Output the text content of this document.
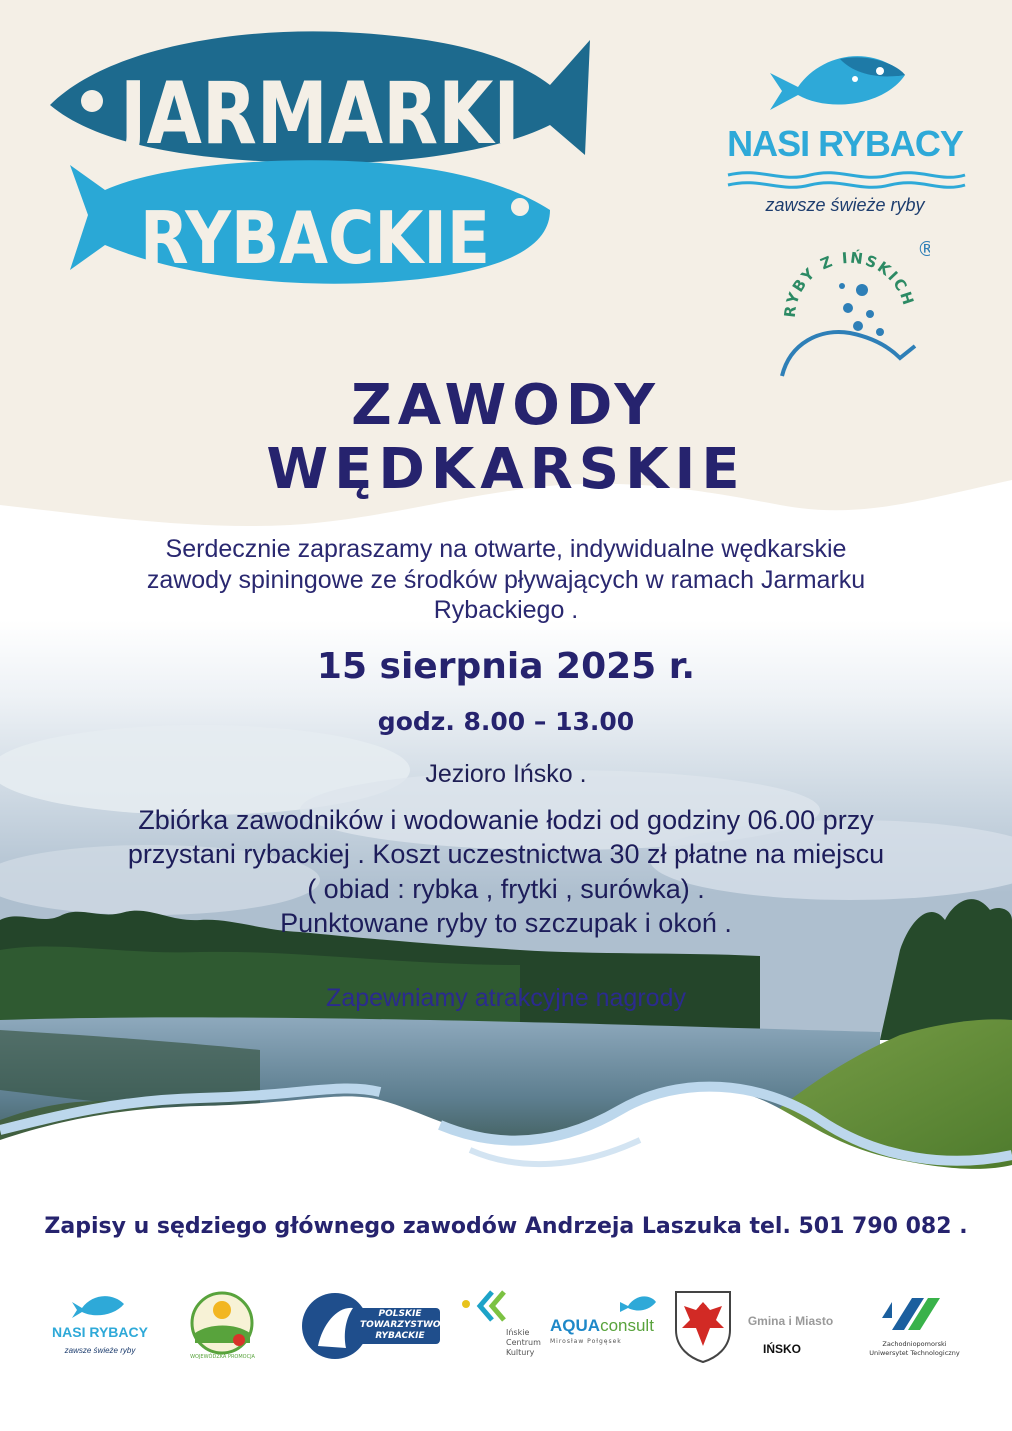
JARMARKI
RYBACKIE
NASI RYBACY
zawsze świeże ryby
RYBY Z IŃSKICH
®
ZAWODY
WĘDKARSKIE
Serdecznie zapraszamy na otwarte, indywidualne wędkarskie
zawody spiningowe ze środków pływających w ramach Jarmarku
Rybackiego .
15 sierpnia 2025 r.
godz. 8.00 – 13.00
Jezioro Ińsko .
Zbiórka zawodników i wodowanie łodzi od godziny 06.00 przy
przystani rybackiej . Koszt uczestnictwa 30 zł płatne na miejscu
( obiad : rybka , frytki , surówka) .
Punktowane ryby to szczupak i okoń .
Zapewniamy atrakcyjne nagrody
Zapisy u sędziego głównego zawodów Andrzeja Laszuka tel. 501 790 082 .
NASI RYBACY
zawsze świeże ryby
WOJEWÓDZKA PROMOCJA
POLSKIE
TOWARZYSTWO
RYBACKIE	Ińskie
Centrum
Kultury
AQUAconsult
Mirosław Połgęsek
Gmina i Miasto
IŃSKO	Zachodniopomorski
Uniwersytet Technologiczny
